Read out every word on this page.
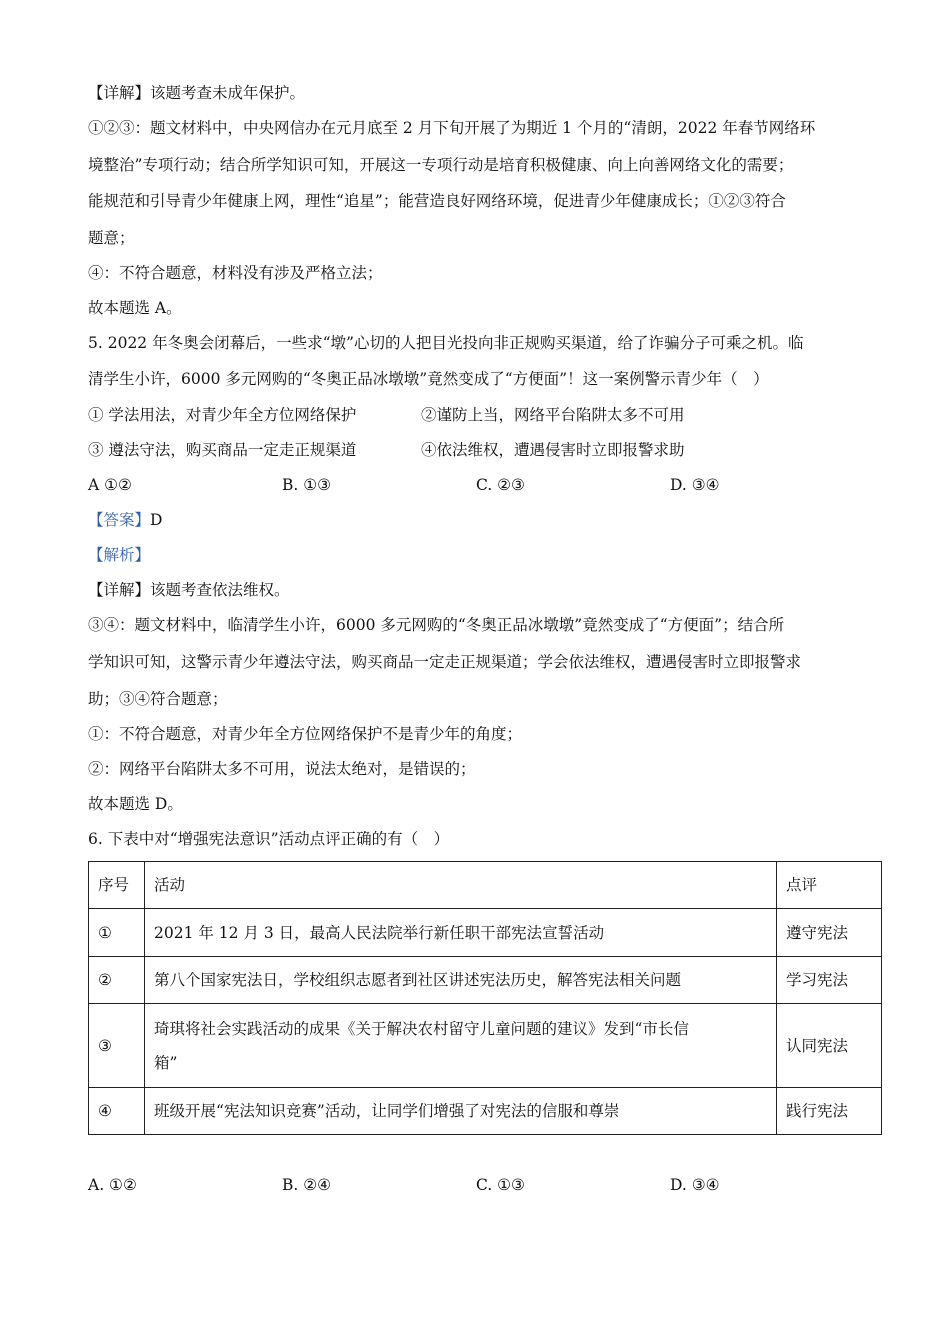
【详解】该题考查未成年保护。
①②③：题文材料中，中央网信办在元月底至 2 月下旬开展了为期近 1 个月的“清朗，2022 年春节网络环
境整治”专项行动；结合所学知识可知，开展这一专项行动是培育积极健康、向上向善网络文化的需要；
能规范和引导青少年健康上网，理性“追星”；能营造良好网络环境，促进青少年健康成长；①②③符合
题意；
④：不符合题意，材料没有涉及严格立法；
故本题选 A。
5. 2022 年冬奥会闭幕后，一些求“墩”心切的人把目光投向非正规购买渠道，给了诈骗分子可乘之机。临
清学生小许，6000 多元网购的“冬奥正品冰墩墩”竟然变成了“方便面”！这一案例警示青少年（　）
① 学法用法，对青少年全方位网络保护	②谨防上当，网络平台陷阱太多不可用
③ 遵法守法，购买商品一定走正规渠道	④依法维权，遭遇侵害时立即报警求助
A ①②	B. ①③	C. ②③	D. ③④
【答案】D
【解析】
【详解】该题考查依法维权。
③④：题文材料中，临清学生小许，6000 多元网购的“冬奥正品冰墩墩”竟然变成了“方便面”；结合所
学知识可知，这警示青少年遵法守法，购买商品一定走正规渠道；学会依法维权，遭遇侵害时立即报警求
助；③④符合题意；
①：不符合题意，对青少年全方位网络保护不是青少年的角度；
②：网络平台陷阱太多不可用，说法太绝对，是错误的；
故本题选 D。
6. 下表中对“增强宪法意识”活动点评正确的有（　）
序号	活动	点评
①	2021 年 12 月 3 日，最高人民法院举行新任职干部宪法宣誓活动	遵守宪法
②	第八个国家宪法日，学校组织志愿者到社区讲述宪法历史，解答宪法相关问题	学习宪法
③	琦琪将社会实践活动的成果《关于解决农村留守儿童问题的建议》发到“市长信
箱”	认同宪法
④	班级开展“宪法知识竞赛”活动，让同学们增强了对宪法的信服和尊崇	践行宪法
A. ①②	B. ②④	C. ①③	D. ③④
